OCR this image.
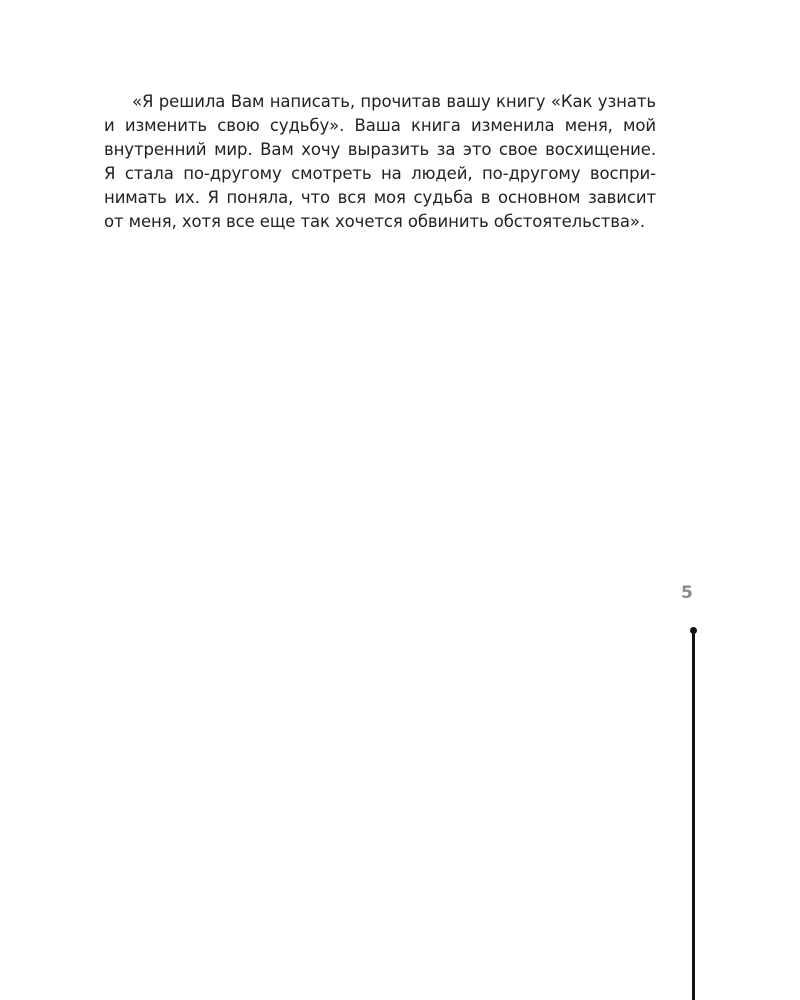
«Я решила Вам написать, прочитав вашу книгу «Как узнать
и изменить свою судьбу». Ваша книга изменила меня, мой
внутренний мир. Вам хочу выразить за это свое восхищение.
Я стала по-другому смотреть на людей, по-другому воспри-
нимать их. Я поняла, что вся моя судьба в основном зависит
от меня, хотя все еще так хочется обвинить обстоятельства».
5
